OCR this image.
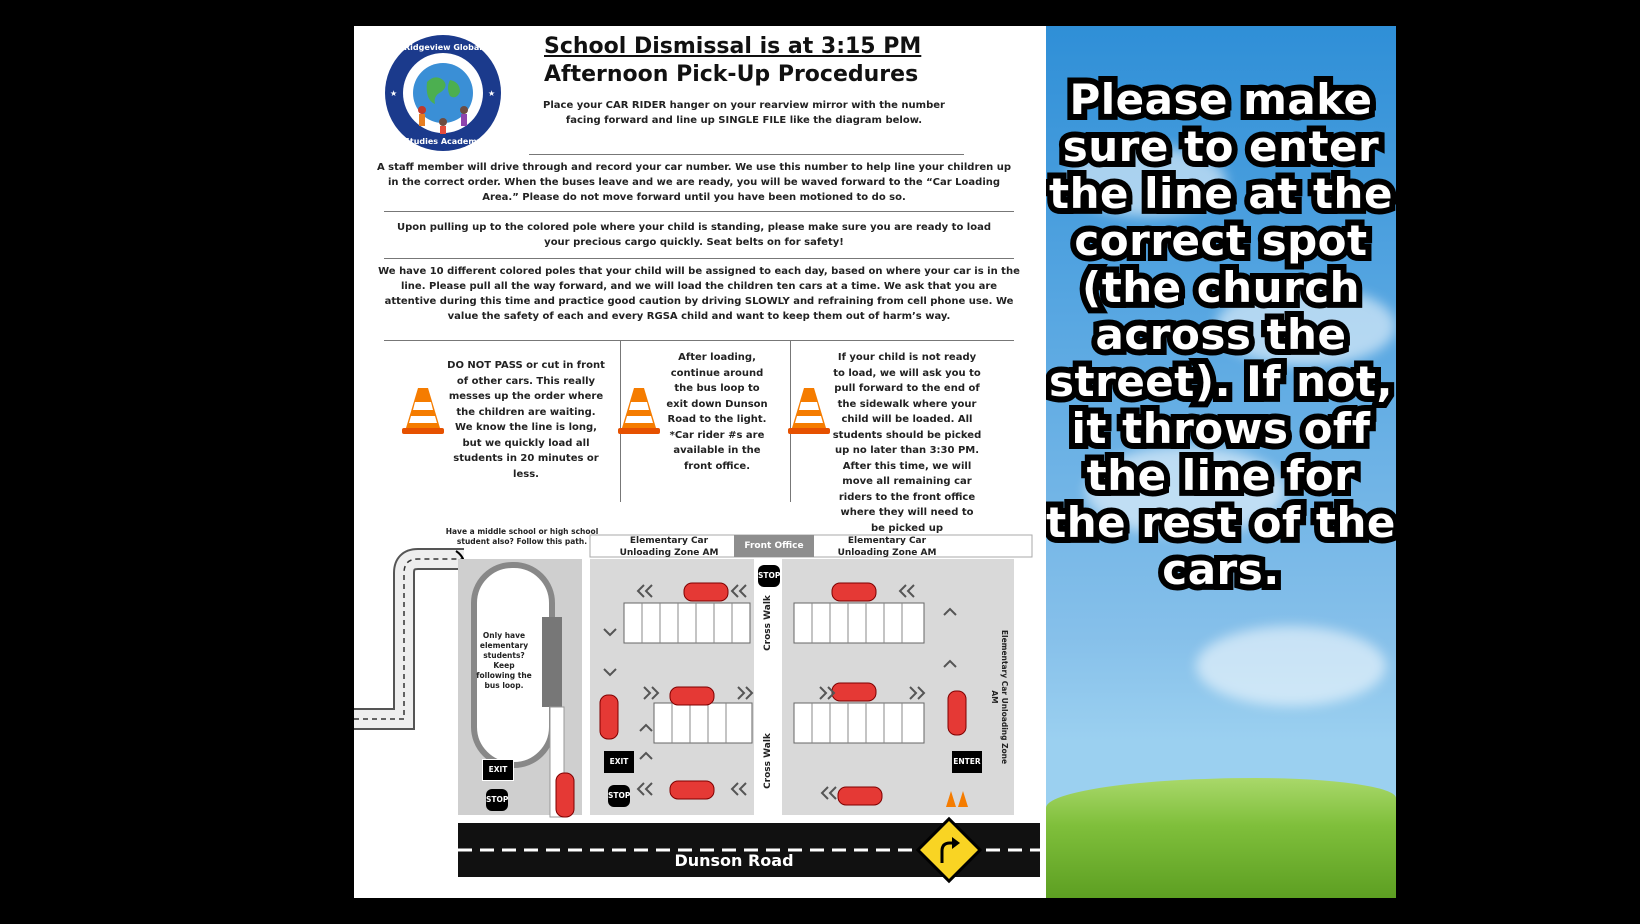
Ridgeview Global
Studies Academy
★	★
School Dismissal is at 3:15 PM
Afternoon Pick-Up Procedures
Place your CAR RIDER hanger on your rearview mirror with the number facing forward and line up SINGLE FILE like the diagram below.
A staff member will drive through and record your car number. We use this number to help line your children up in the correct order. When the buses leave and we are ready, you will be waved forward to the “Car Loading Area.” Please do not move forward until you have been motioned to do so.
Upon pulling up to the colored pole where your child is standing, please make sure you are ready to load your precious cargo quickly. Seat belts on for safety!
We have 10 different colored poles that your child will be assigned to each day, based on where your car is in the line. Please pull all the way forward, and we will load the children ten cars at a time. We ask that you are attentive during this time and practice good caution by driving SLOWLY and refraining from cell phone use. We value the safety of each and every RGSA child and want to keep them out of harm’s way.
DO NOT PASS or cut in front of other cars. This really messes up the order where the children are waiting. We know the line is long, but we quickly load all students in 20 minutes or less.
After loading, continue around the bus loop to exit down Dunson Road to the light. *Car rider #s are available in the front office.
If your child is not ready to load, we will ask you to pull forward to the end of the sidewalk where your child will be loaded. All students should be picked up no later than 3:30 PM. After this time, we will move all remaining car riders to the front office where they will need to be picked up
Have a middle school or high school student also? Follow this path.
Only have elementary students? Keep following the bus loop.
Elementary Car Unloading Zone AM
Front Office	Elementary Car Unloading Zone AM
Elementary Car Unloading Zone AM
Cross Walk
Cross Walk
EXIT
EXIT	ENTER
STOP	STOP
STOP
Dunson Road
Please make sure to enter the line at the correct spot (the church across the street). If not, it throws off the line for the rest of the cars.
